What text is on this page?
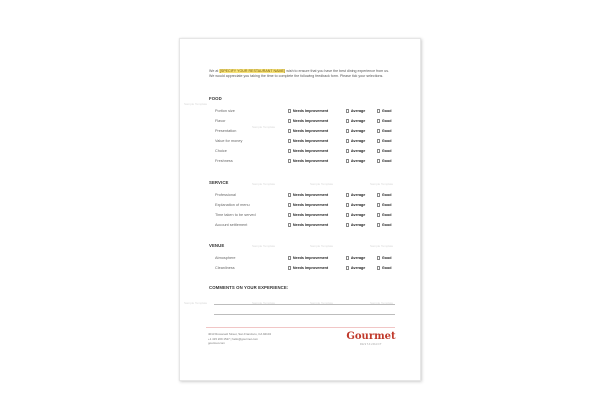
We at [SPECIFY YOUR RESTAURANT NAME] wish to ensure that you have the best dining experience from us. We would appreciate you taking the time to complete the following feedback form. Please tick your selections.

FOOD
Portion size	Needs Improvement	Average	Good
Flavor	Needs Improvement	Average	Good
Presentation	Needs Improvement	Average	Good
Value for money	Needs Improvement	Average	Good
Choice	Needs Improvement	Average	Good
Freshness	Needs Improvement	Average	Good
SERVICE
Professional	Needs Improvement	Average	Good
Explanation of menu	Needs Improvement	Average	Good
Time taken to be served	Needs Improvement	Average	Good
Account settlement	Needs Improvement	Average	Good
VENUE
Atmosphere	Needs Improvement	Average	Good
Cleanliness	Needs Improvement	Average	Good
COMMENTS ON YOUR EXPERIENCE:
Sample Template
Sample Template
Sample Template	Sample Template	Sample Template
Sample Template	Sample Template	Sample Template
Sample Template	Sample Template	Sample Template	Sample Template
4013 Roosevelt Street, San Francisco, CA 94104
+1 415 209 1527 | hello@gourmet.com
gourmet.com
Gourmet
RESTAURANT
